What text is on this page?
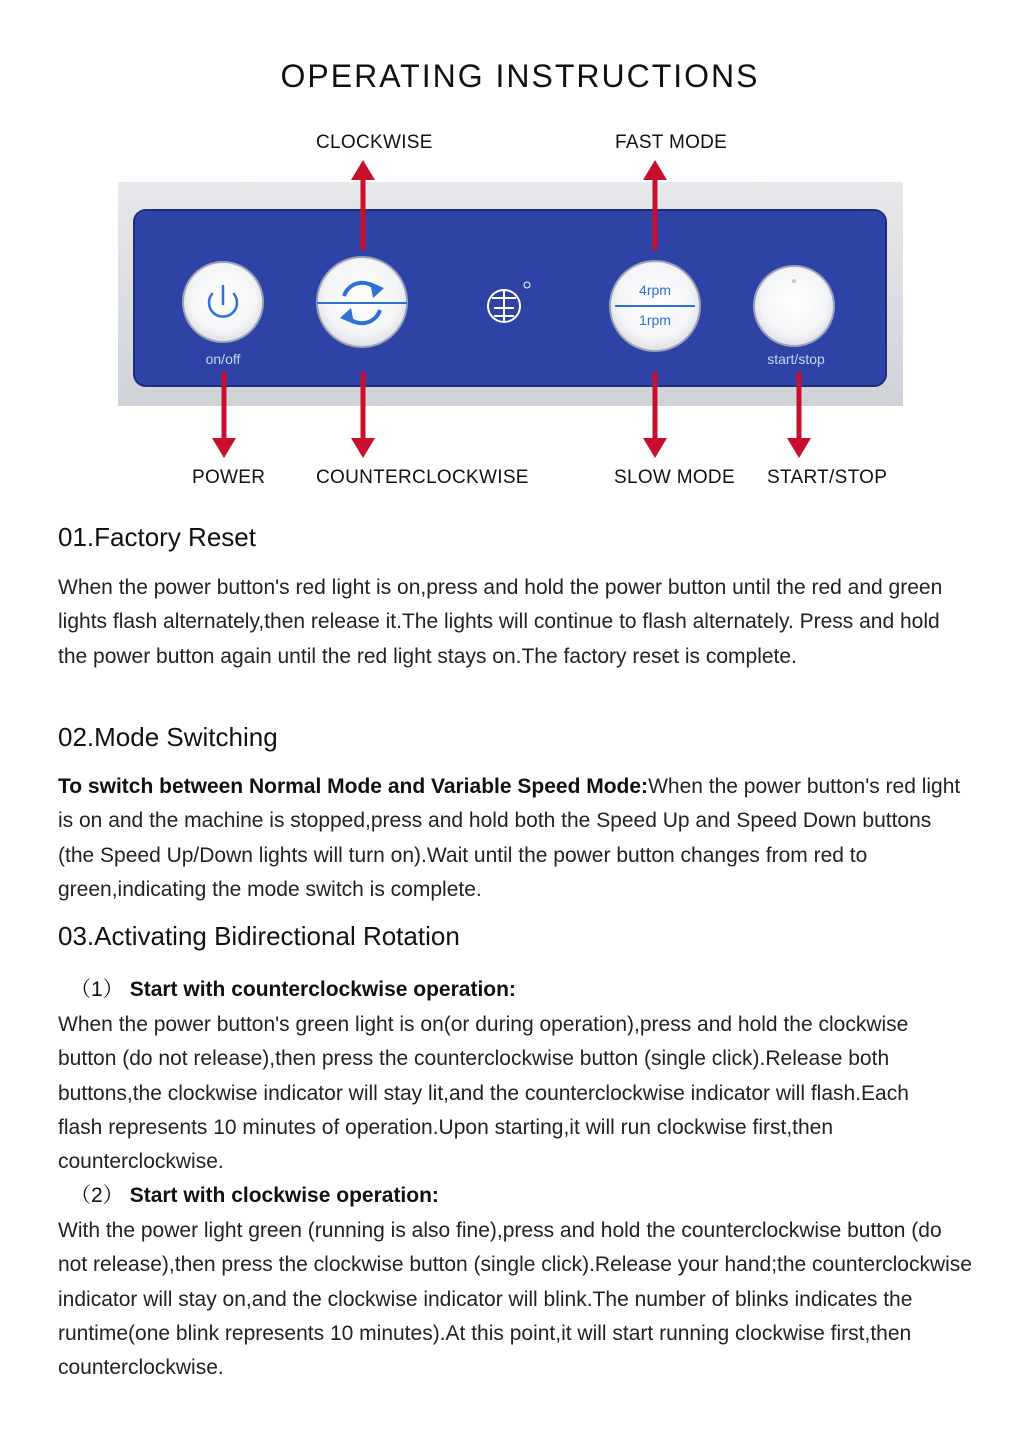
OPERATING INSTRUCTIONS
CLOCKWISE	FAST MODE
on/off
4rpm
1rpm
start/stop
POWER	COUNTERCLOCKWISE	SLOW MODE START/STOP
01.Factory Reset

When the power button's red light is on,press and hold the power button until the red and green lights flash alternately,then release it.The lights will continue to flash alternately. Press and hold the power button again until the red light stays on.The factory reset is complete.

02.Mode Switching

To switch between Normal Mode and Variable Speed Mode:When the power button's red light is on and the machine is stopped,press and hold both the Speed Up and Speed Down buttons (the Speed Up/Down lights will turn on).Wait until the power button changes from red to green,indicating the mode switch is complete.

03.Activating Bidirectional Rotation
（1） Start with counterclockwise operation:

When the power button's green light is on(or during operation),press and hold the clockwise button (do not release),then press the counterclockwise button (single click).Release both buttons,the clockwise indicator will stay lit,and the counterclockwise indicator will flash.Each flash represents 10 minutes of operation.Upon starting,it will run clockwise first,then counterclockwise.

（2） Start with clockwise operation:

With the power light green (running is also fine),press and hold the counterclockwise button (do not release),then press the clockwise button (single click).Release your hand;the counterclockwise indicator will stay on,and the clockwise indicator will blink.The number of blinks indicates the runtime(one blink represents 10 minutes).At this point,it will start running clockwise first,then counterclockwise.
